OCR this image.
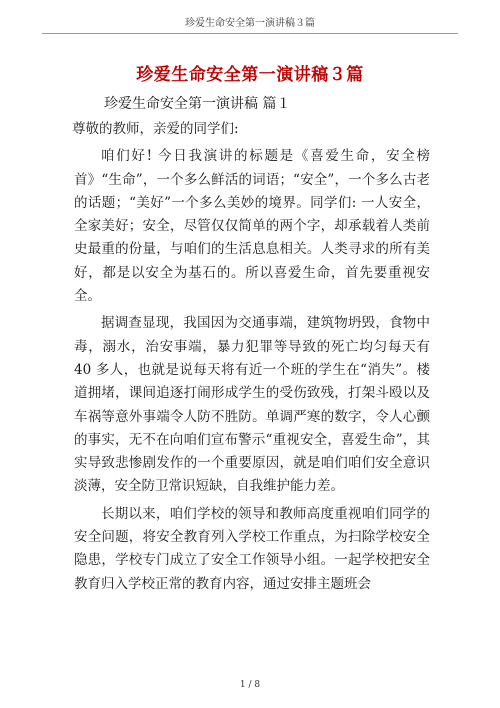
珍爱生命安全第一演讲稿３篇
珍爱生命安全第一演讲稿３篇
珍爱生命安全第一演讲稿 篇１

尊敬的教师，亲爱的同学们:

咱们好! 今日我演讲的标题是《喜爱生命，安全榜首》“生命”，一个多么鲜活的词语；“安全”，一个多么古老的话题；“美好”一个多么美妙的境界。同学们: 一人安全，全家美好；安全，尽管仅仅简单的两个字，却承载着人类前史最重的份量，与咱们的生活息息相关。人类寻求的所有美好，都是以安全为基石的。所以喜爱生命，首先要重视安全。

据调查显现，我国因为交通事端，建筑物坍毁，食物中毒，溺水，治安事端，暴力犯罪等导致的死亡均匀每天有 40 多人，也就是说每天将有近一个班的学生在“消失”。楼道拥堵，课间追逐打闹形成学生的受伤致残，打架斗殴以及车祸等意外事端令人防不胜防。单调严寒的数字，令人心颤的事实，无不在向咱们宣布警示“重视安全，喜爱生命”，其实导致悲惨剧发作的一个重要原因，就是咱们咱们安全意识淡薄，安全防卫常识短缺，自我维护能力差。

长期以来，咱们学校的领导和教师高度重视咱们同学的安全问题，将安全教育列入学校工作重点，为扫除学校安全隐患，学校专门成立了安全工作领导小组。一起学校把安全教育归入学校正常的教育内容，通过安排主题班会

1 / 8
